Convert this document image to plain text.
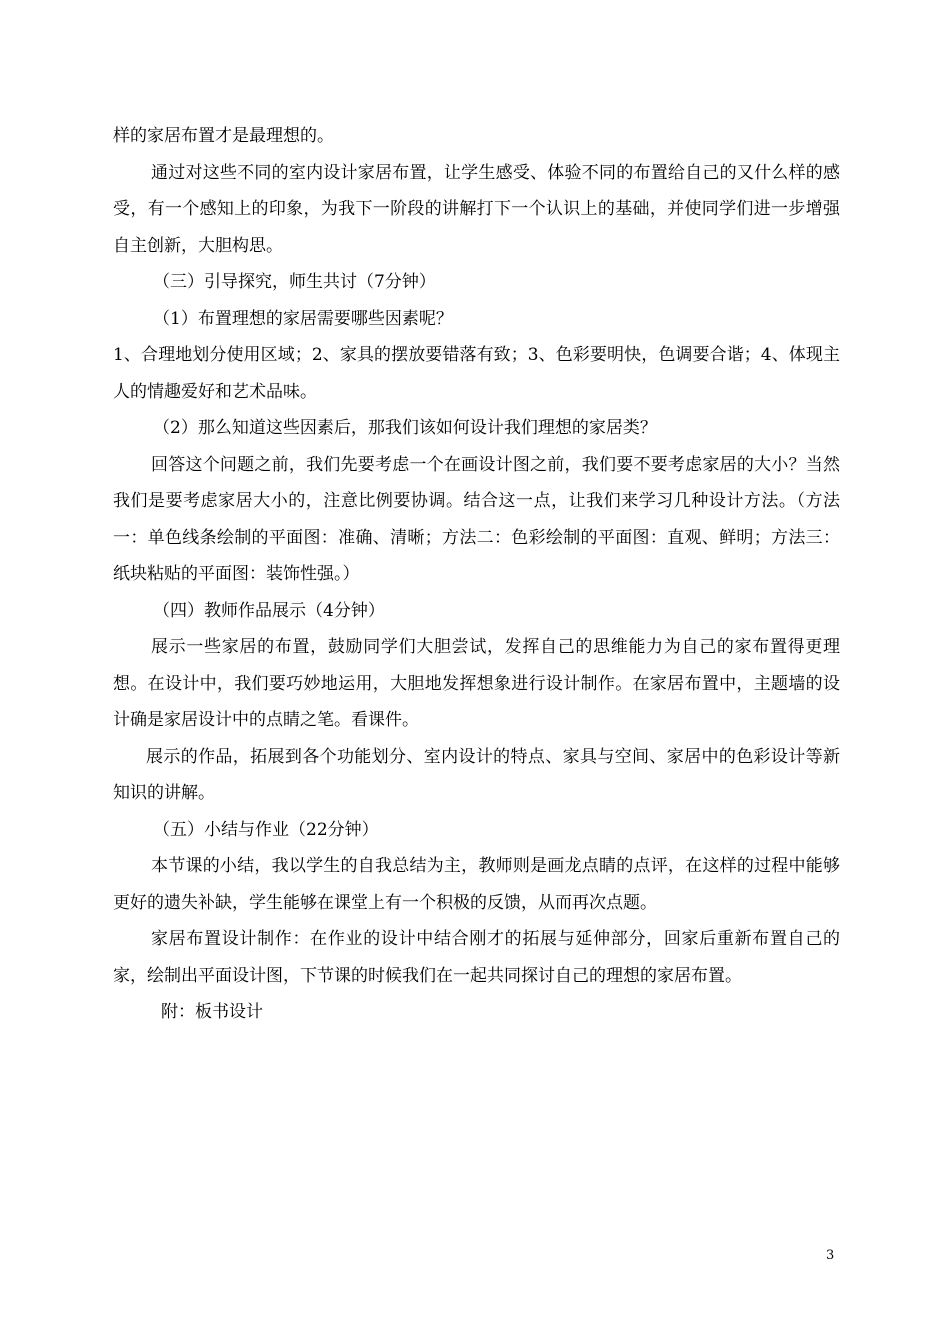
样的家居布置才是最理想的。

通过对这些不同的室内设计家居布置，让学生感受、体验不同的布置给自己的又什么样的感受，有一个感知上的印象，为我下一阶段的讲解打下一个认识上的基础，并使同学们进一步增强自主创新，大胆构思。

（三）引导探究，师生共讨（7分钟）

（1）布置理想的家居需要哪些因素呢？

1、合理地划分使用区域；2、家具的摆放要错落有致；3、色彩要明快，色调要合谐；4、体现主人的情趣爱好和艺术品味。

（2）那么知道这些因素后，那我们该如何设计我们理想的家居类？

回答这个问题之前，我们先要考虑一个在画设计图之前，我们要不要考虑家居的大小？当然我们是要考虑家居大小的，注意比例要协调。结合这一点，让我们来学习几种设计方法。（方法一：单色线条绘制的平面图：准确、清晰；方法二：色彩绘制的平面图：直观、鲜明；方法三：纸块粘贴的平面图：装饰性强。）

（四）教师作品展示（4分钟）

展示一些家居的布置，鼓励同学们大胆尝试，发挥自己的思维能力为自己的家布置得更理想。在设计中，我们要巧妙地运用，大胆地发挥想象进行设计制作。在家居布置中，主题墙的设计确是家居设计中的点睛之笔。看课件。

展示的作品，拓展到各个功能划分、室内设计的特点、家具与空间、家居中的色彩设计等新知识的讲解。

（五）小结与作业（22分钟）

本节课的小结，我以学生的自我总结为主，教师则是画龙点睛的点评，在这样的过程中能够更好的遗失补缺，学生能够在课堂上有一个积极的反馈，从而再次点题。

家居布置设计制作：在作业的设计中结合刚才的拓展与延伸部分，回家后重新布置自己的家，绘制出平面设计图，下节课的时候我们在一起共同探讨自己的理想的家居布置。

附：板书设计

3
